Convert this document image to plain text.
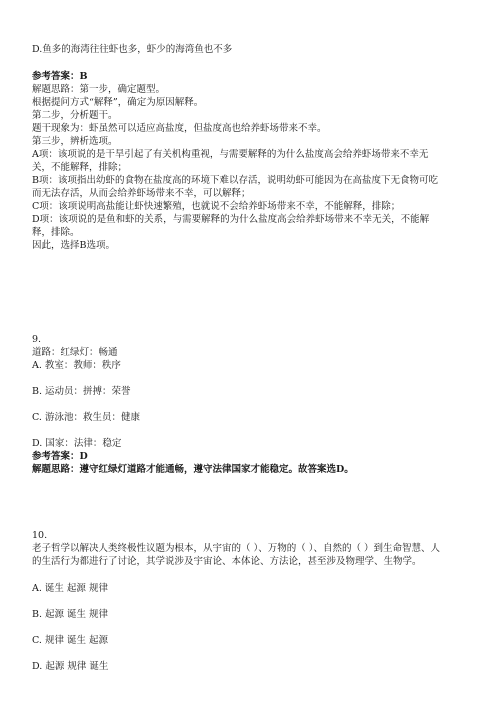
D.鱼多的海湾往往虾也多，虾少的海湾鱼也不多
参考答案：B
解题思路：第一步，确定题型。
根据提问方式“解释”，确定为原因解释。
第二步，分析题干。
题干现象为：虾虽然可以适应高盐度，但盐度高也给养虾场带来不幸。
第三步，辨析选项。
A项：该项说的是干旱引起了有关机构重视，与需要解释的为什么盐度高会给养虾场带来不幸无
关，不能解释，排除；
B项：该项指出幼虾的食物在盐度高的环境下难以存活，说明幼虾可能因为在高盐度下无食物可吃
而无法存活，从而会给养虾场带来不幸，可以解释；
C项：该项说明高盐能让虾快速繁殖，也就说不会给养虾场带来不幸，不能解释，排除；
D项：该项说的是鱼和虾的关系，与需要解释的为什么盐度高会给养虾场带来不幸无关，不能解
释，排除。
因此，选择B选项。
9.
道路：红绿灯：畅通
A. 教室：教师：秩序
B. 运动员：拼搏：荣誉
C. 游泳池：救生员：健康
D. 国家：法律：稳定
参考答案：D
解题思路：遵守红绿灯道路才能通畅，遵守法律国家才能稳定。故答案选D。
10.
老子哲学以解决人类终极性议题为根本，从宇宙的（ ）、万物的（ ）、自然的（ ）到生命智慧、人
的生活行为都进行了讨论，其学说涉及宇宙论、本体论、方法论，甚至涉及物理学、生物学。
A. 诞生 起源 规律
B. 起源 诞生 规律
C. 规律 诞生 起源
D. 起源 规律 诞生
